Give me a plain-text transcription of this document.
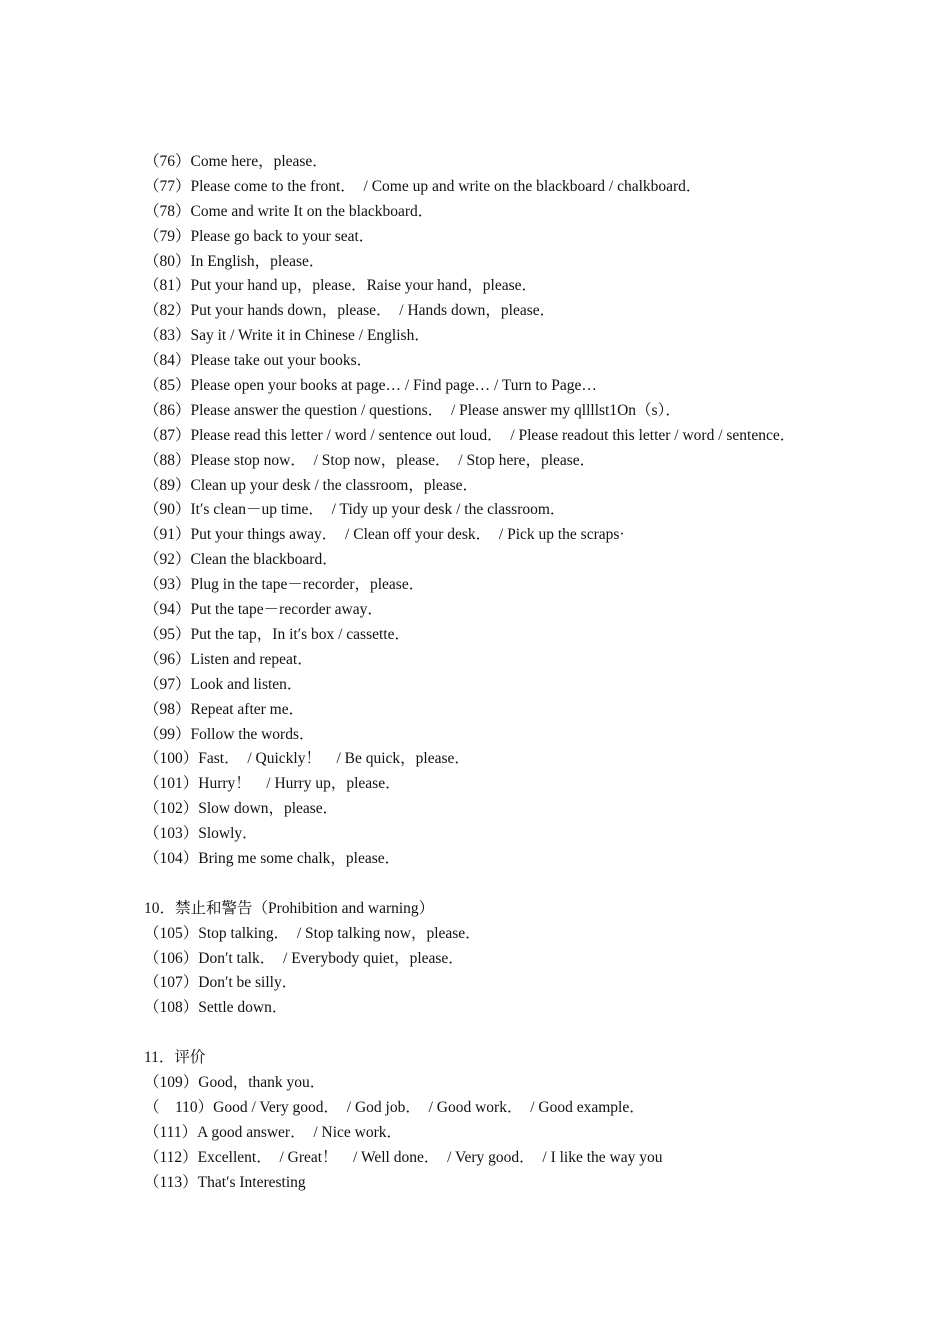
（76）Come here，please．
（77）Please come to the front．　/ Come up and write on the blackboard / chalkboard．
（78）Come and write It on the blackboard．
（79）Please go back to your seat．
（80）In English，please．
（81）Put your hand up，please．Raise your hand，please．
（82）Put your hands down，please．　/ Hands down，please．
（83）Say it / Write it in Chinese / English．
（84）Please take out your books．
（85）Please open your books at page… / Find page… / Turn to Page…
（86）Please answer the question / questions．　/ Please answer my qllllst1On（s）．
（87）Please read this letter / word / sentence out loud．　/ Please readout this letter / word / sentence．
（88）Please stop now．　/ Stop now，please．　/ Stop here，please．
（89）Clean up your desk / the classroom，please．
（90）It′s clean－up time．　/ Tidy up your desk / the classroom．
（91）Put your things away．　/ Clean off your desk．　/ Pick up the scraps·
（92）Clean the blackboard．
（93）Plug in the tape－recorder，please．
（94）Put the tape－recorder away．
（95）Put the tap，In it′s box / cassette．
（96）Listen and repeat．
（97）Look and listen．
（98）Repeat after me．
（99）Follow the words．
（100）Fast．　/ Quickly！　/ Be quick，please．
（101）Hurry！　/ Hurry up，please．
（102）Slow down，please．
（103）Slowly．
（104）Bring me some chalk，please．
10．禁止和警告（Prohibition and warning）
（105）Stop talking．　/ Stop talking now，please．
（106）Don′t talk．　/ Everybody quiet，please．
（107）Don′t be silly．
（108）Settle down．
11．评价
（109）Good，thank you．
（　110）Good / Very good．　/ God job．　/ Good work．　/ Good example．
（111）A good answer．　/ Nice work．
（112）Excellent．　/ Great！　/ Well done．　/ Very good．　/ I like the way you
（113）That′s Interesting
